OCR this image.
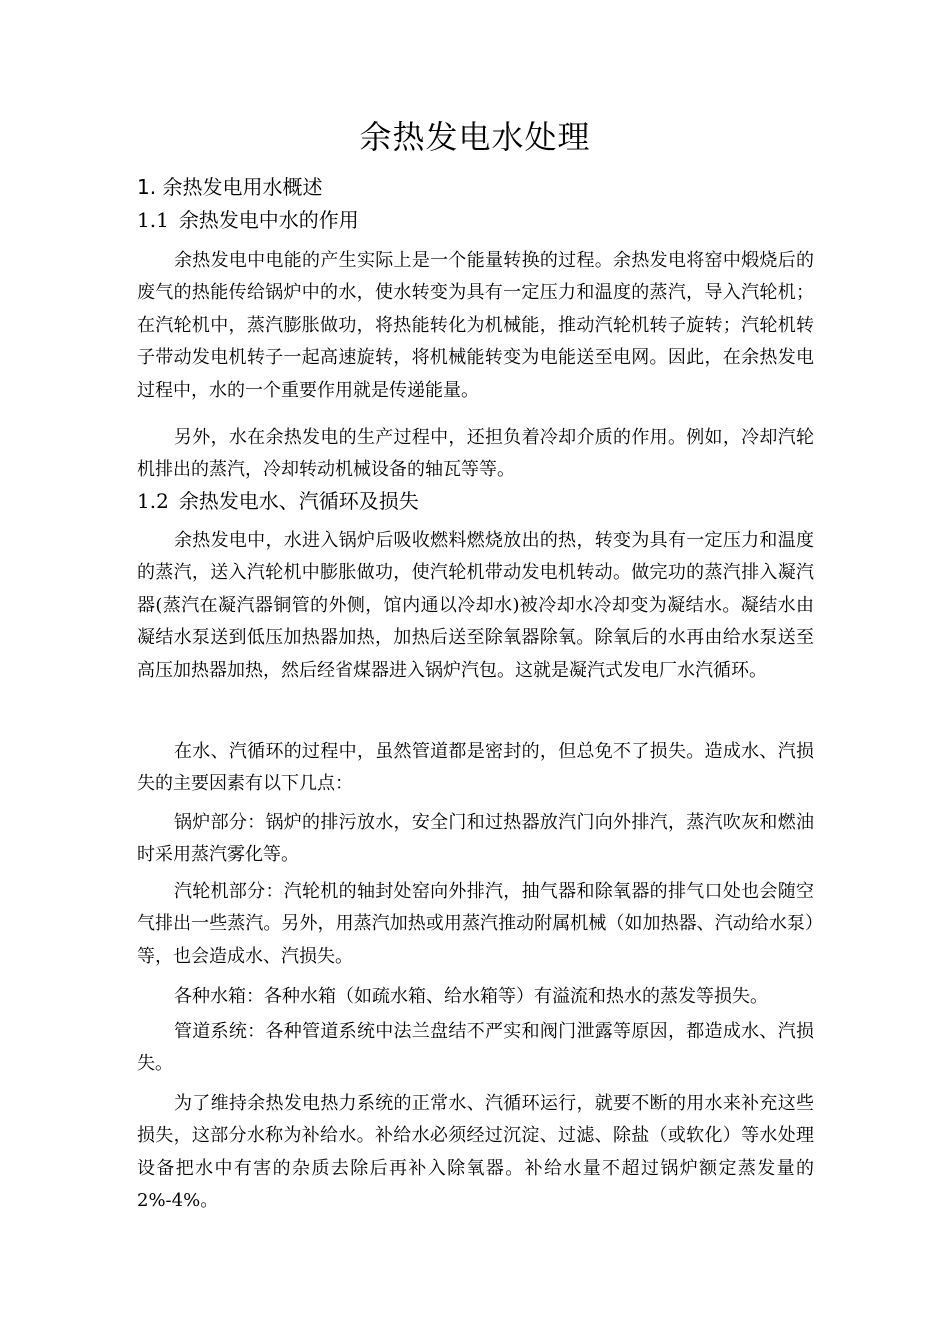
余热发电水处理
1. 余热发电用水概述
1.1 余热发电中水的作用

余热发电中电能的产生实际上是一个能量转换的过程。余热发电将窑中煅烧后的废气的热能传给锅炉中的水，使水转变为具有一定压力和温度的蒸汽，导入汽轮机；在汽轮机中，蒸汽膨胀做功，将热能转化为机械能，推动汽轮机转子旋转；汽轮机转子带动发电机转子一起高速旋转，将机械能转变为电能送至电网。因此，在余热发电过程中，水的一个重要作用就是传递能量。

另外，水在余热发电的生产过程中，还担负着冷却介质的作用。例如，冷却汽轮机排出的蒸汽，冷却转动机械设备的轴瓦等等。

1.2 余热发电水、汽循环及损失

余热发电中，水进入锅炉后吸收燃料燃烧放出的热，转变为具有一定压力和温度的蒸汽，送入汽轮机中膨胀做功，使汽轮机带动发电机转动。做完功的蒸汽排入凝汽器(蒸汽在凝汽器铜管的外侧，馆内通以冷却水)被冷却水冷却变为凝结水。凝结水由凝结水泵送到低压加热器加热，加热后送至除氧器除氧。除氧后的水再由给水泵送至高压加热器加热，然后经省煤器进入锅炉汽包。这就是凝汽式发电厂水汽循环。

在水、汽循环的过程中，虽然管道都是密封的，但总免不了损失。造成水、汽损失的主要因素有以下几点：

锅炉部分：锅炉的排污放水，安全门和过热器放汽门向外排汽，蒸汽吹灰和燃油时采用蒸汽雾化等。

汽轮机部分：汽轮机的轴封处窑向外排汽，抽气器和除氧器的排气口处也会随空气排出一些蒸汽。另外，用蒸汽加热或用蒸汽推动附属机械（如加热器、汽动给水泵）等，也会造成水、汽损失。

各种水箱：各种水箱（如疏水箱、给水箱等）有溢流和热水的蒸发等损失。

管道系统：各种管道系统中法兰盘结不严实和阀门泄露等原因，都造成水、汽损失。

为了维持余热发电热力系统的正常水、汽循环运行，就要不断的用水来补充这些损失，这部分水称为补给水。补给水必须经过沉淀、过滤、除盐（或软化）等水处理设备把水中有害的杂质去除后再补入除氧器。补给水量不超过锅炉额定蒸发量的2%-4%。
